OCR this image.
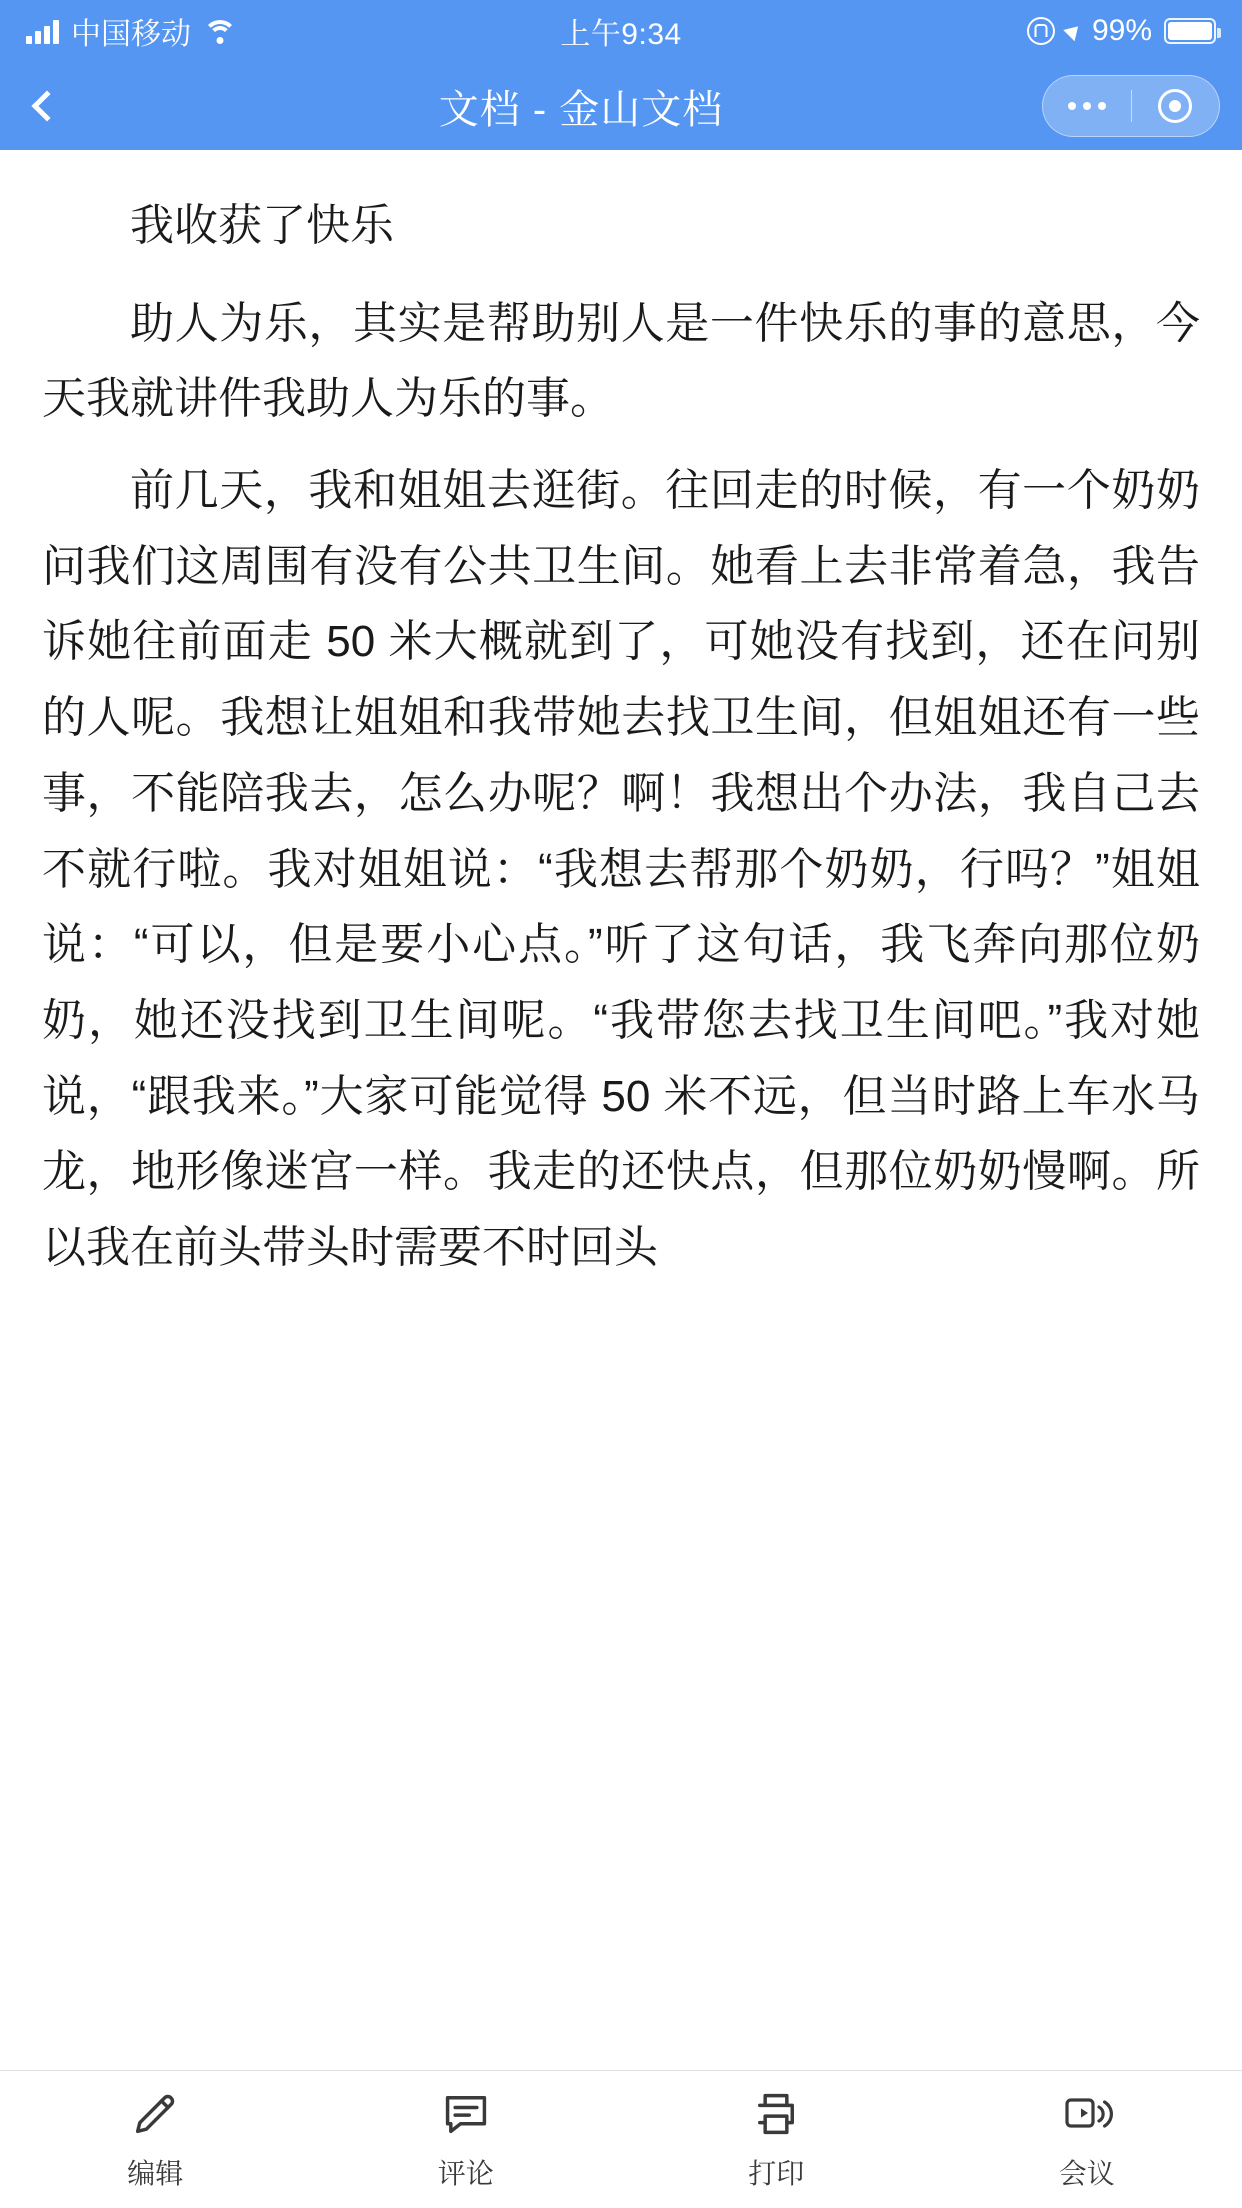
中国移动	上午9:34	99%
文档 - 金山文档
我收获了快乐

助人为乐，其实是帮助别人是一件快乐的事的意思，今天我就讲件我助人为乐的事。

前几天，我和姐姐去逛街。往回走的时候，有一个奶奶问我们这周围有没有公共卫生间。她看上去非常着急，我告诉她往前面走 50 米大概就到了，可她没有找到，还在问别的人呢。我想让姐姐和我带她去找卫生间，但姐姐还有一些事，不能陪我去，怎么办呢？啊！我想出个办法，我自己去不就行啦。我对姐姐说：“我想去帮那个奶奶，行吗？”姐姐说：“可以，但是要小心点。”听了这句话，我飞奔向那位奶奶，她还没找到卫生间呢。“我带您去找卫生间吧。”我对她说，“跟我来。”大家可能觉得 50 米不远，但当时路上车水马龙，地形像迷宫一样。我走的还快点，但那位奶奶慢啊。所以我在前头带头时需要不时回头

编辑	评论	打印	会议
